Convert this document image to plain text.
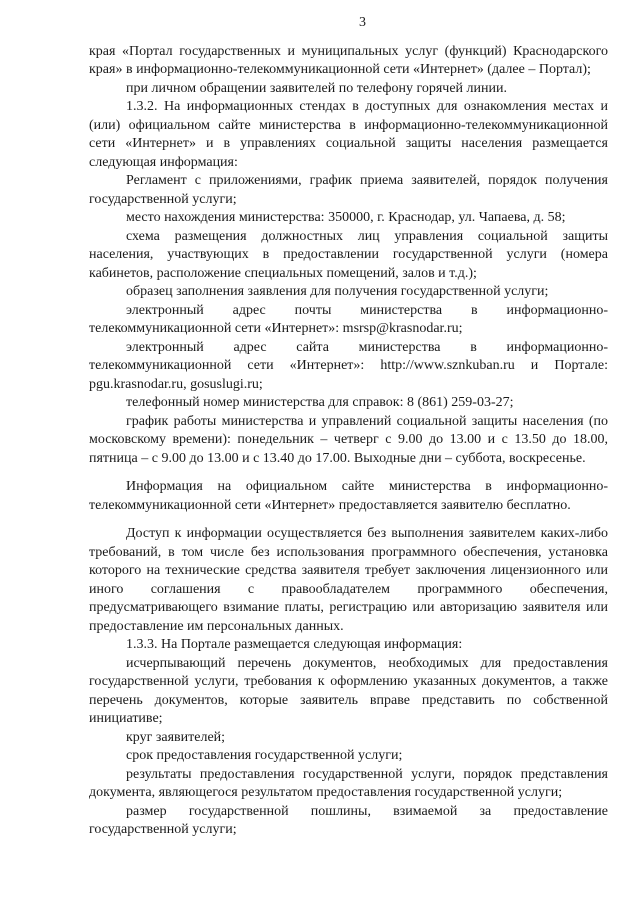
3

края «Портал государственных и муниципальных услуг (функций) Краснодарского края» в информационно-телекоммуникационной сети «Интернет» (далее – Портал);

при личном обращении заявителей по телефону горячей линии.

1.3.2. На информационных стендах в доступных для ознакомления местах и (или) официальном сайте министерства в информационно-телекоммуникационной сети «Интернет» и в управлениях социальной защиты населения размещается следующая информация:

Регламент с приложениями, график приема заявителей, порядок получения государственной услуги;

место нахождения министерства: 350000, г. Краснодар, ул. Чапаева, д. 58;

схема размещения должностных лиц управления социальной защиты населения, участвующих в предоставлении государственной услуги (номера кабинетов, расположение специальных помещений, залов и т.д.);

образец заполнения заявления для получения государственной услуги;

электронный адрес почты министерства в информационно-телекоммуникационной сети «Интернет»: msrsp@krasnodar.ru;

электронный адрес сайта министерства в информационно-телекоммуникационной сети «Интернет»: http://www.sznkuban.ru и Портале: pgu.krasnodar.ru, gosuslugi.ru;

телефонный номер министерства для справок: 8 (861) 259-03-27;

график работы министерства и управлений социальной защиты населения (по московскому времени): понедельник – четверг с 9.00 до 13.00 и с 13.50 до 18.00, пятница – с 9.00 до 13.00 и с 13.40 до 17.00. Выходные дни – суббота, воскресенье.

Информация на официальном сайте министерства в информационно-телекоммуникационной сети «Интернет» предоставляется заявителю бесплатно.

Доступ к информации осуществляется без выполнения заявителем каких-либо требований, в том числе без использования программного обеспечения, установка которого на технические средства заявителя требует заключения лицензионного или иного соглашения с правообладателем программного обеспечения, предусматривающего взимание платы, регистрацию или авторизацию заявителя или предоставление им персональных данных.

1.3.3. На Портале размещается следующая информация:

исчерпывающий перечень документов, необходимых для предоставления государственной услуги, требования к оформлению указанных документов, а также перечень документов, которые заявитель вправе представить по собственной инициативе;

круг заявителей;

срок предоставления государственной услуги;

результаты предоставления государственной услуги, порядок представления документа, являющегося результатом предоставления государственной услуги;

размер государственной пошлины, взимаемой за предоставление государственной услуги;
